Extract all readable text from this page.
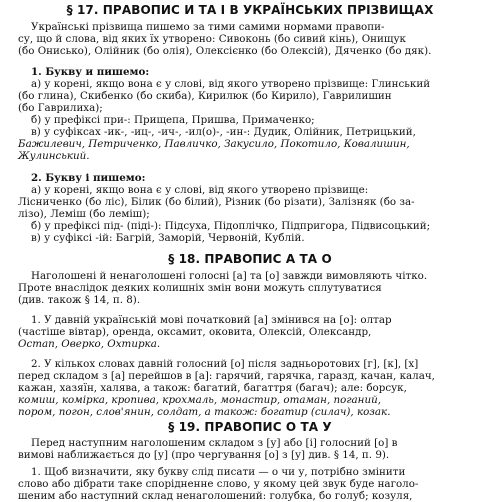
§ 17. ПРАВОПИС И ТА І В УКРАЇНСЬКИХ ПРІЗВИЩАХ
Українські прізвища пишемо за тими самими нормами правопи-
су, що й слова, від яких їх утворено: Сивоконь (бо сивий кінь), Онищук
(бо Онисько), Олійник (бо олія), Олексієнко (бо Олексій), Дяченко (бо дяк).
1. Букву и пишемо:
а) у корені, якщо вона є у слові, від якого утворено прізвище: Глинський
(бо глина), Скибенко (бо скиба), Кирилюк (бо Кирило), Гаврилишин
(бо Гаврилиха);
б) у префіксі при-: Прищепа, Пришва, Примаченко;
в) у суфіксах -ик-, -иц-, -ич-, -ил(о)-, -ин-: Дудик, Олійник, Петрицький,
Бажилевич, Петриченко, Павличко, Закусило, Покотило, Ковалишин,
Жулинський.
2. Букву і пишемо:
а) у корені, якщо вона є у слові, від якого утворено прізвище:
Лісниченко (бо ліс), Білик (бо білий), Різник (бо різати), Залізняк (бо за-
лізо), Леміш (бо леміш);
б) у префіксі під- (піді-): Підсуха, Підоплічко, Підпригора, Підвисоцький;
в) у суфіксі -ій: Багрій, Заморій, Червоній, Кублій.
§ 18. ПРАВОПИС А ТА О
Наголошені й ненаголошені голосні [а] та [о] завжди вимовляють чітко.
Проте внаслідок деяких колишніх змін вони можуть сплутуватися
(див. також § 14, п. 8).
1. У давній українській мові початковий [а] змінився на [о]: олтар
(частіше вівтар), оренда, оксамит, оковита, Олексій, Олександр,
Остап, Оверко, Охтирка.
2. У кількох словах давній голосний [о] після задньоротових [г], [к], [х]
перед складом з [а] перейшов в [а]: гарячий, гарячка, гаразд, качан, калач,
кажан, хазяїн, халява, а також: багатий, багаттря (багач); але: борсук,
комиш, комірка, кропива, крохмаль, монастир, отаман, поганий,
пором, погон, слов'янин, солдат, а також: богатир (силач), козак.
§ 19. ПРАВОПИС О ТА У
Перед наступним наголошеним складом з [у] або [і] голосний [о] в
вимові наближається до [у] (про чергування [о] з [у] див. § 14, п. 9).
1. Щоб визначити, яку букву слід писати — о чи у, потрібно змінити
слово або дібрати таке спорідненне слово, у якому цей звук буде наголо-
шеним або наступний склад ненаголошений: голубка, бо голуб; козуля,
